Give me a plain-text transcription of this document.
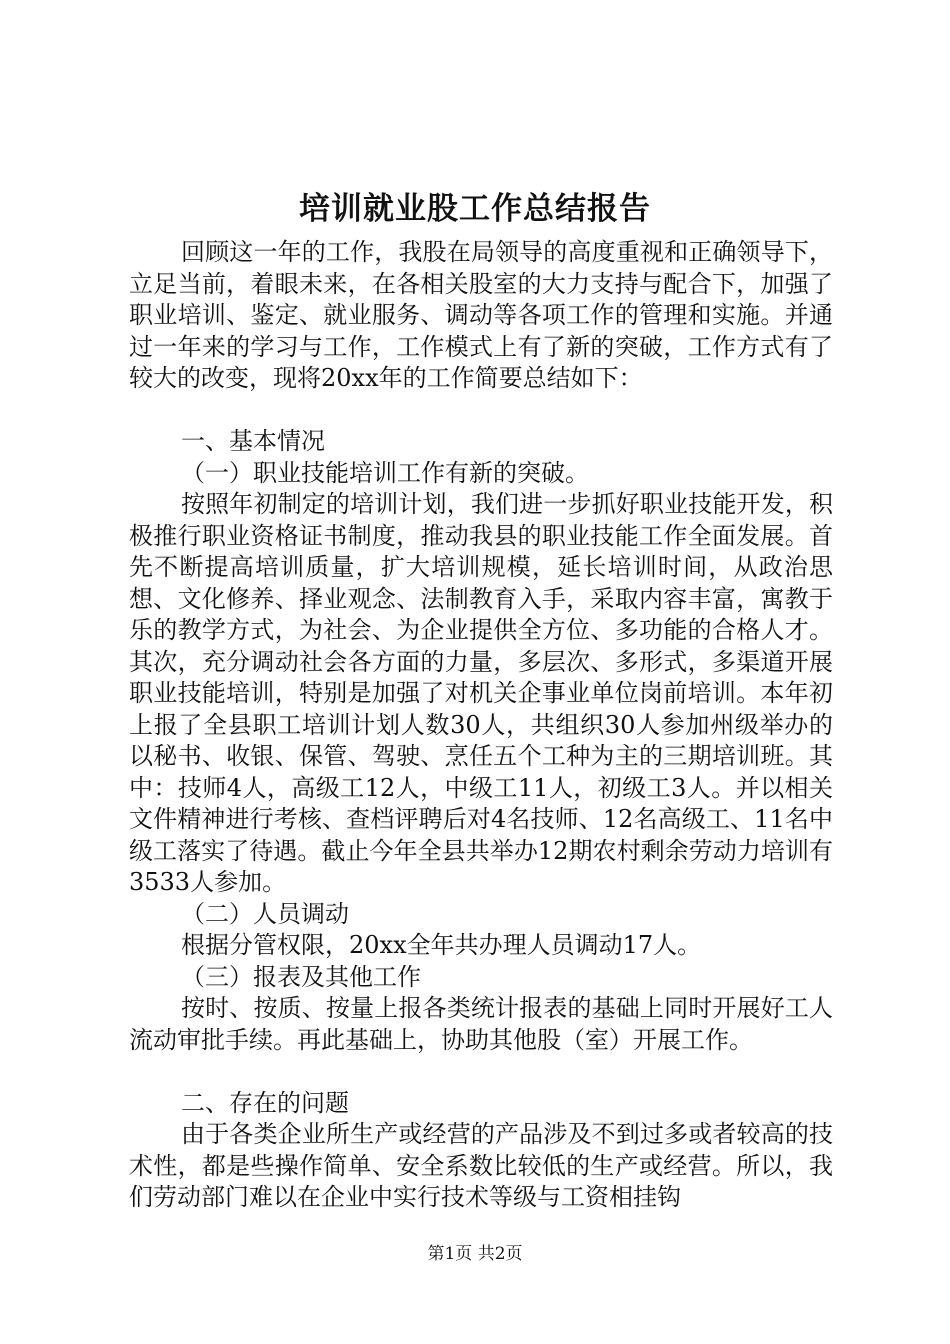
培训就业股工作总结报告

回顾这一年的工作，我股在局领导的高度重视和正确领导下，立足当前，着眼未来，在各相关股室的大力支持与配合下，加强了职业培训、鉴定、就业服务、调动等各项工作的管理和实施。并通过一年来的学习与工作，工作模式上有了新的突破，工作方式有了较大的改变，现将20xx年的工作简要总结如下：

一、基本情况

（一）职业技能培训工作有新的突破。

按照年初制定的培训计划，我们进一步抓好职业技能开发，积极推行职业资格证书制度，推动我县的职业技能工作全面发展。首先不断提高培训质量，扩大培训规模，延长培训时间，从政治思想、文化修养、择业观念、法制教育入手，采取内容丰富，寓教于乐的教学方式，为社会、为企业提供全方位、多功能的合格人才。其次，充分调动社会各方面的力量，多层次、多形式，多渠道开展职业技能培训，特别是加强了对机关企事业单位岗前培训。本年初上报了全县职工培训计划人数30人，共组织30人参加州级举办的以秘书、收银、保管、驾驶、烹任五个工种为主的三期培训班。其中：技师4人，高级工12人，中级工11人，初级工3人。并以相关文件精神进行考核、查档评聘后对4名技师、12名高级工、11名中级工落实了待遇。截止今年全县共举办12期农村剩余劳动力培训有3533人参加。

（二）人员调动

根据分管权限，20xx全年共办理人员调动17人。

（三）报表及其他工作

按时、按质、按量上报各类统计报表的基础上同时开展好工人流动审批手续。再此基础上，协助其他股（室）开展工作。

二、存在的问题

由于各类企业所生产或经营的产品涉及不到过多或者较高的技术性，都是些操作简单、安全系数比较低的生产或经营。所以，我们劳动部门难以在企业中实行技术等级与工资相挂钩

第1页 共2页
